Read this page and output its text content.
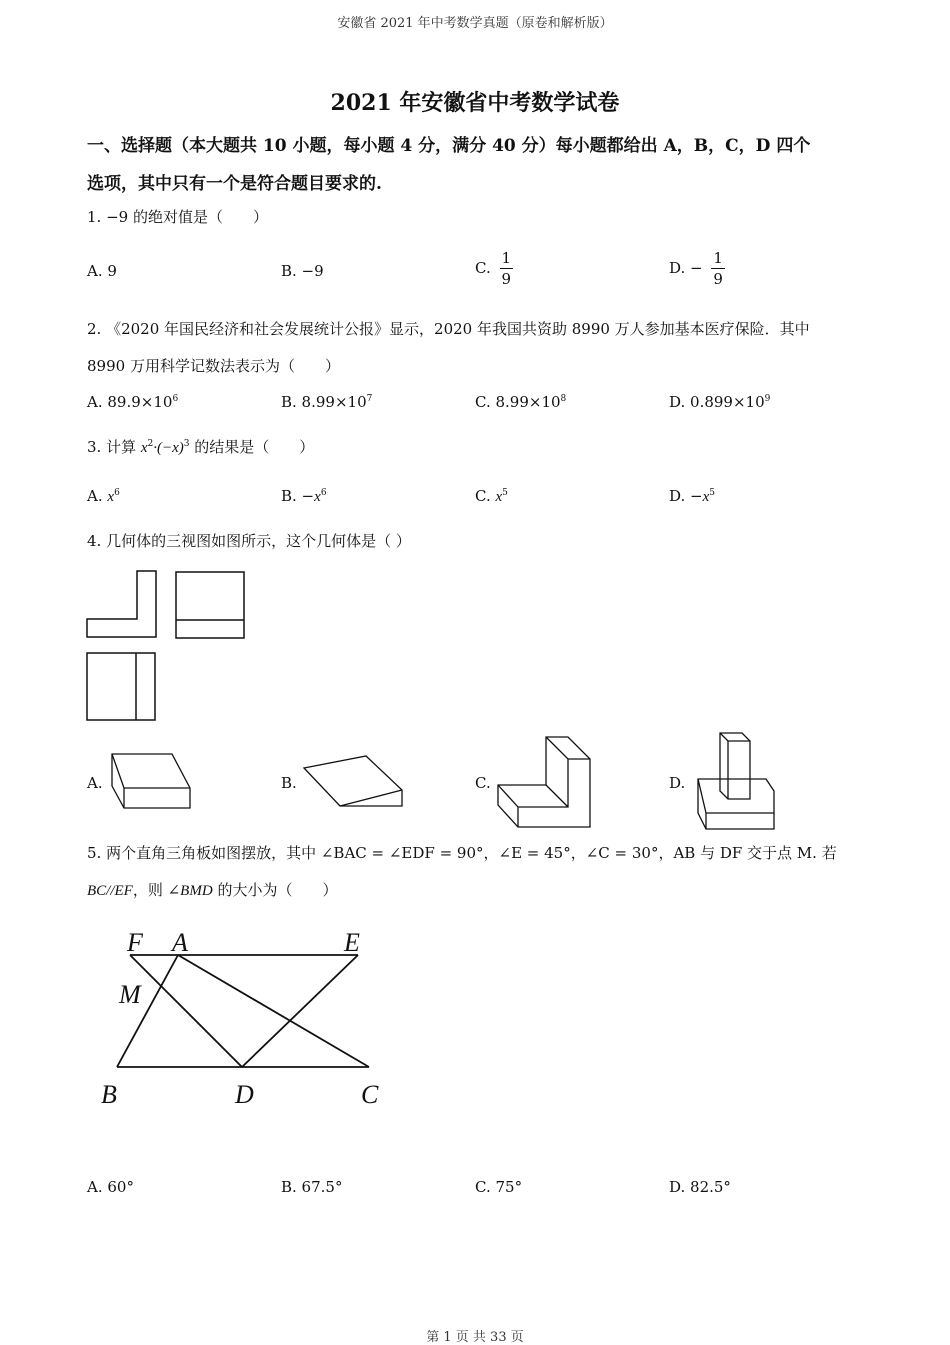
安徽省 2021 年中考数学真题（原卷和解析版）
2021 年安徽省中考数学试卷
一、选择题（本大题共 10 小题，每小题 4 分，满分 40 分）每小题都给出 A，B，C，D 四个
选项，其中只有一个是符合题目要求的.
1. −9 的绝对值是（　　）
A. 9	B. −9	C. $\frac{1}{9}$	D. − $\frac{1}{9}$
2. 《2020 年国民经济和社会发展统计公报》显示，2020 年我国共资助 8990 万人参加基本医疗保险．其中
8990 万用科学记数法表示为（　　）
A. $89.9\times 10^6$	B. $8.99\times 10^7$	C. $8.99\times 10^8$	D. $0.899\times 10^9$
3. 计算 $x^2\cdot(-x)^3$ 的结果是（　　）
A. $x^6$	B. $-x^6$	C. $x^5$	D. $-x^5$
4. 几何体的三视图如图所示，这个几何体是（ ）
A.	B.	C.	D.
5. 两个直角三角板如图摆放，其中 ∠BAC = ∠EDF = 90°，∠E = 45°，∠C = 30°，AB 与 DF 交于点 M. 若
BC//EF，则 ∠BMD 的大小为（　　）
F A	E
M
B	D	C
A. 60°	B. 67.5°	C. 75°	D. 82.5°
第 1 页 共 33 页
